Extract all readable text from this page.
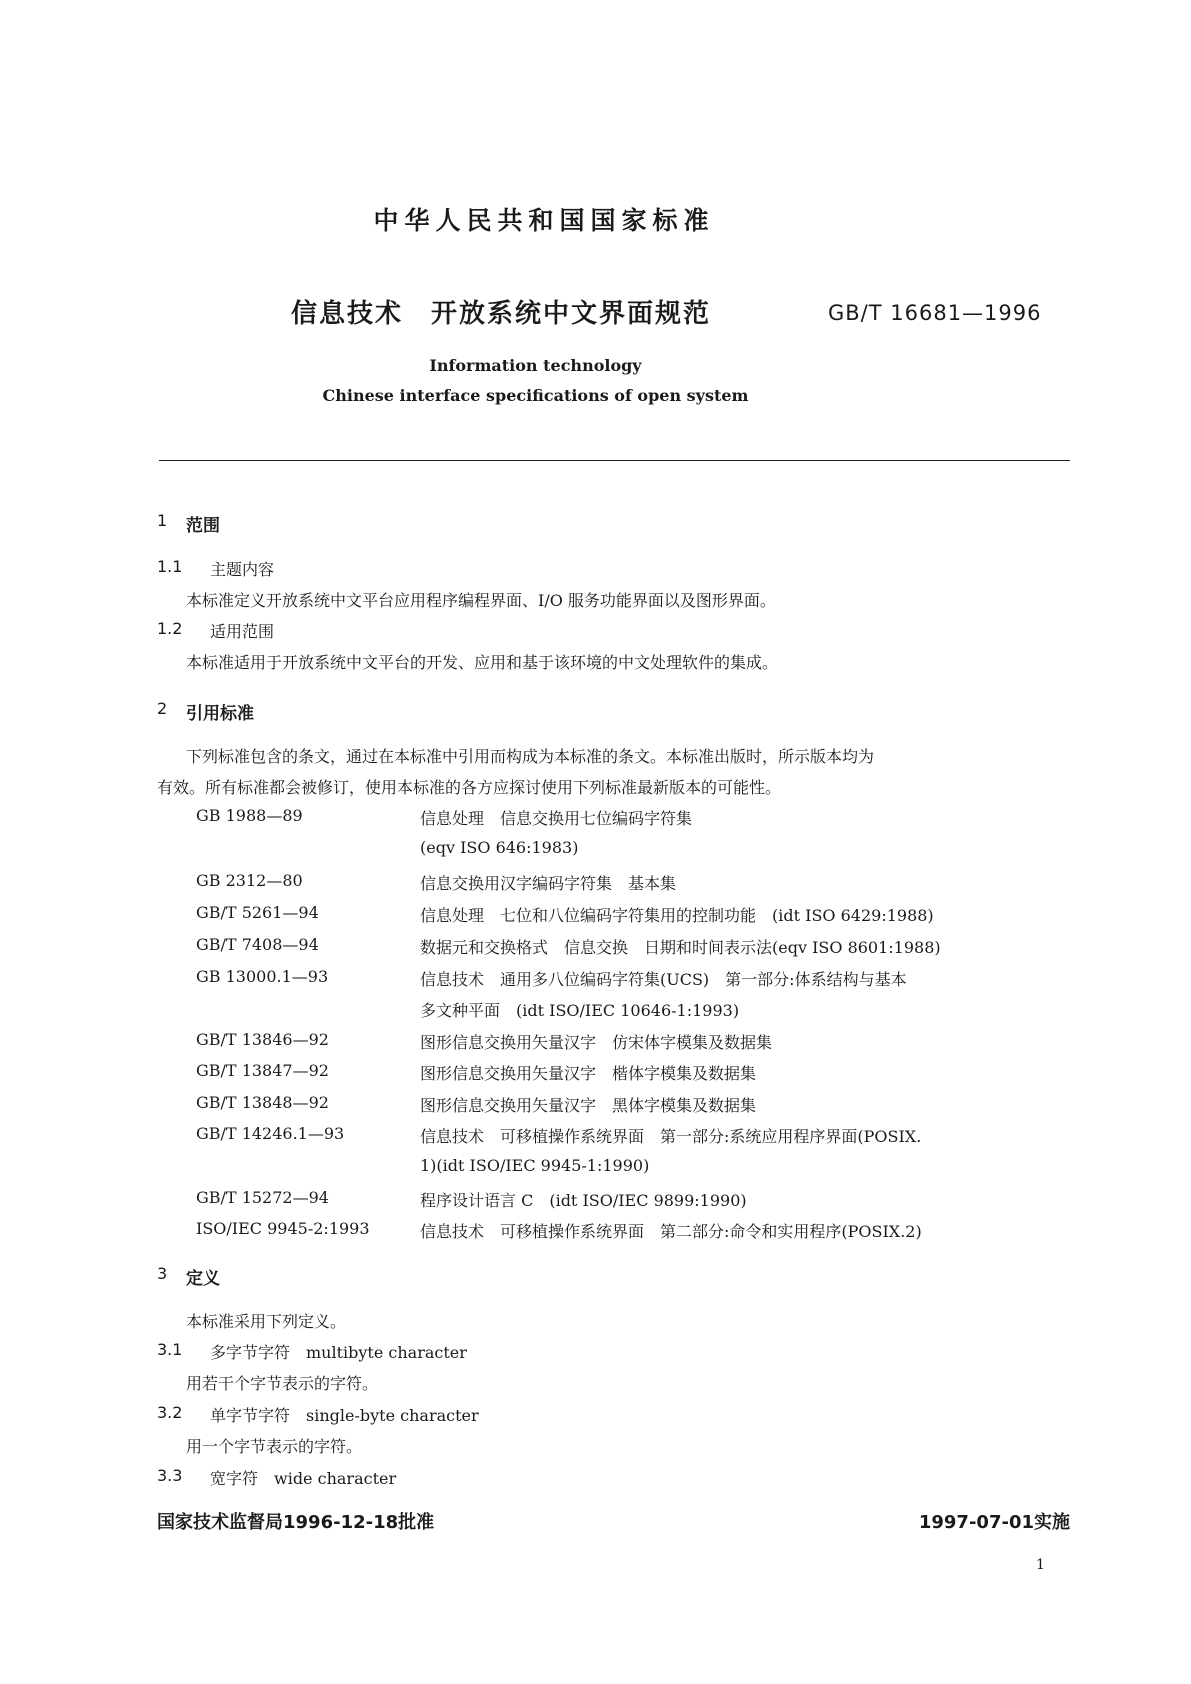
中华人民共和国国家标准
信息技术　开放系统中文界面规范	GB/T 16681—1996
Information technology
Chinese interface specifications of open system
1 范围
1.1 主题内容
本标准定义开放系统中文平台应用程序编程界面、I/O 服务功能界面以及图形界面。
1.2 适用范围
本标准适用于开放系统中文平台的开发、应用和基于该环境的中文处理软件的集成。
2 引用标准
下列标准包含的条文，通过在本标准中引用而构成为本标准的条文。本标准出版时，所示版本均为
有效。所有标准都会被修订，使用本标准的各方应探讨使用下列标准最新版本的可能性。
GB 1988—89	信息处理　信息交换用七位编码字符集
(eqv ISO 646:1983)
GB 2312—80	信息交换用汉字编码字符集　基本集
GB/T 5261—94	信息处理　七位和八位编码字符集用的控制功能　(idt ISO 6429:1988)
GB/T 7408—94	数据元和交换格式　信息交换　日期和时间表示法(eqv ISO 8601:1988)
GB 13000.1—93	信息技术　通用多八位编码字符集(UCS)　第一部分:体系结构与基本
多文种平面　(idt ISO/IEC 10646-1:1993)
GB/T 13846—92	图形信息交换用矢量汉字　仿宋体字模集及数据集
GB/T 13847—92	图形信息交换用矢量汉字　楷体字模集及数据集
GB/T 13848—92	图形信息交换用矢量汉字　黑体字模集及数据集
GB/T 14246.1—93	信息技术　可移植操作系统界面　第一部分:系统应用程序界面(POSIX.
1)(idt ISO/IEC 9945-1:1990)
GB/T 15272—94	程序设计语言 C　(idt ISO/IEC 9899:1990)
ISO/IEC 9945-2:1993	信息技术　可移植操作系统界面　第二部分:命令和实用程序(POSIX.2)
3 定义
本标准采用下列定义。
3.1 多字节字符　multibyte character
用若干个字节表示的字符。
3.2 单字节字符　single-byte character
用一个字节表示的字符。
3.3 宽字符　wide character
国家技术监督局1996-12-18批准	1997-07-01实施
1
